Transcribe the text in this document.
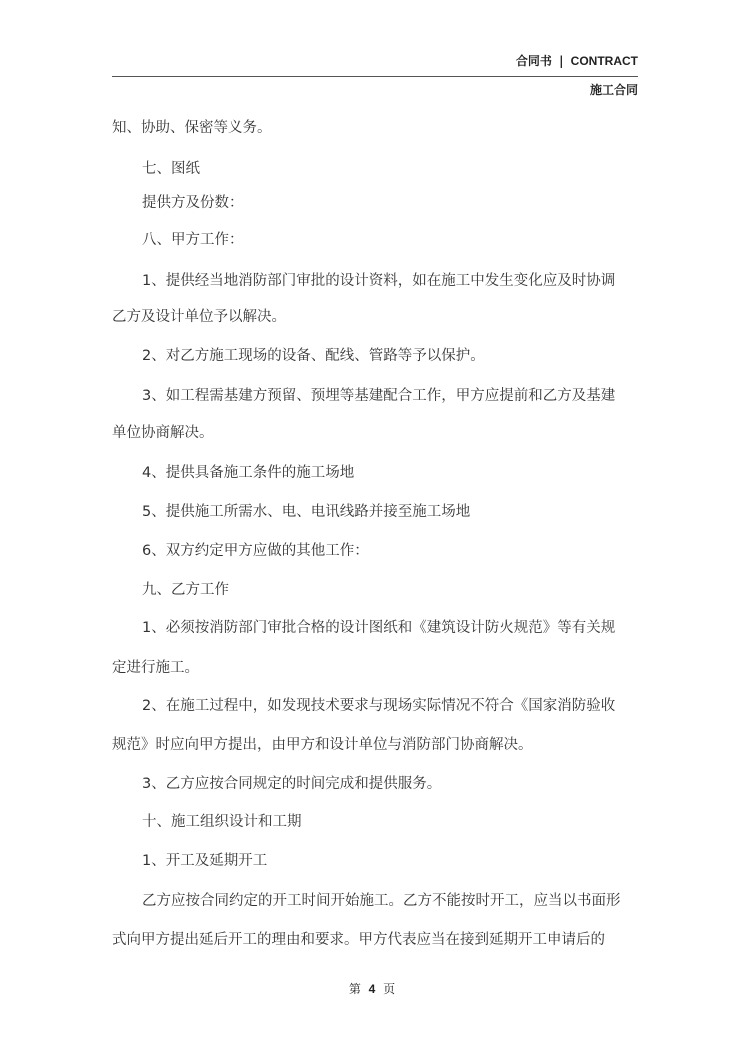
合同书 | CONTRACT
施工合同
知、协助、保密等义务。
七、图纸
提供方及份数：
八、甲方工作：
1、提供经当地消防部门审批的设计资料，如在施工中发生变化应及时协调
乙方及设计单位予以解决。
2、对乙方施工现场的设备、配线、管路等予以保护。
3、如工程需基建方预留、预埋等基建配合工作，甲方应提前和乙方及基建
单位协商解决。
4、提供具备施工条件的施工场地
5、提供施工所需水、电、电讯线路并接至施工场地
6、双方约定甲方应做的其他工作：
九、乙方工作
1、必须按消防部门审批合格的设计图纸和《建筑设计防火规范》等有关规
定进行施工。
2、在施工过程中，如发现技术要求与现场实际情况不符合《国家消防验收
规范》时应向甲方提出，由甲方和设计单位与消防部门协商解决。
3、乙方应按合同规定的时间完成和提供服务。
十、施工组织设计和工期
1、开工及延期开工
乙方应按合同约定的开工时间开始施工。乙方不能按时开工，应当以书面形
式向甲方提出延后开工的理由和要求。甲方代表应当在接到延期开工申请后的
第 4 页
